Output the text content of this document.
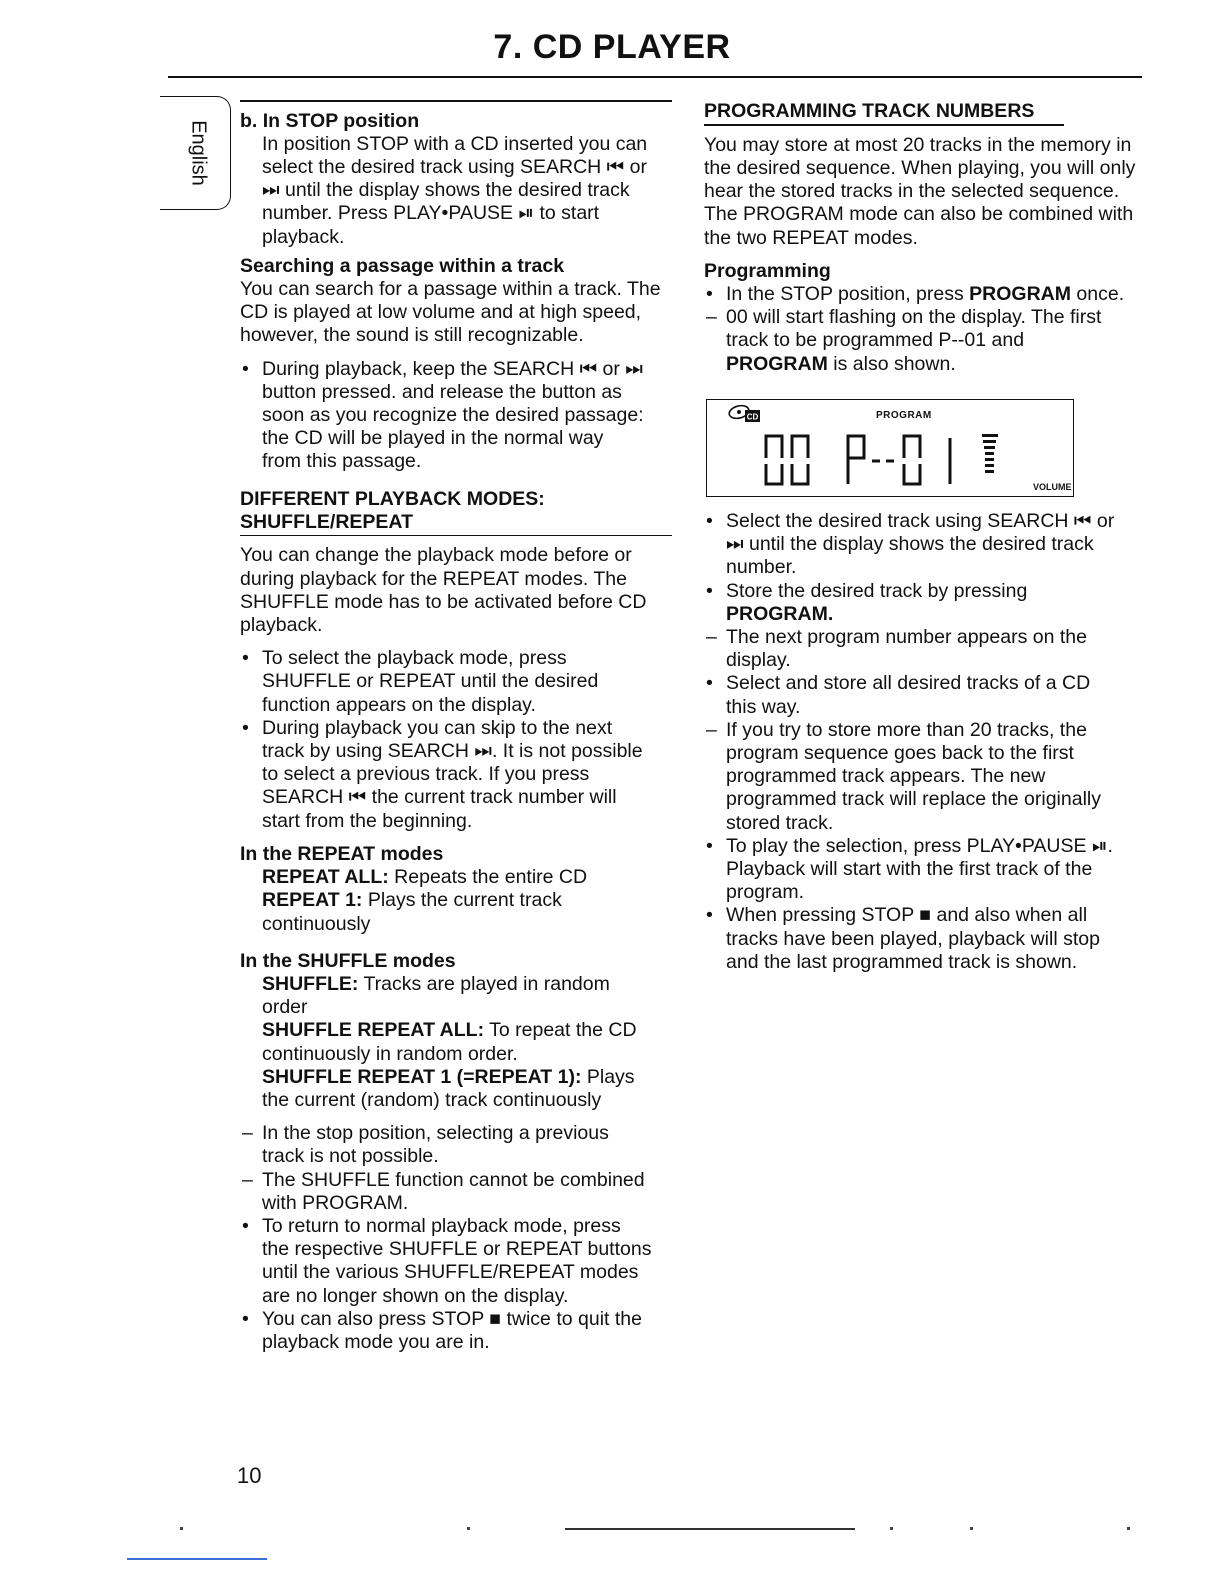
7. CD PLAYER
English b. In STOP position

In position STOP with a CD inserted you can

select the desired track using SEARCH ⏮ or

⏭ until the display shows the desired track

number. Press PLAY•PAUSE ⏯ to start

playback.

Searching a passage within a track

You can search for a passage within a track. The

CD is played at low volume and at high speed,

however, the sound is still recognizable.

• During playback, keep the SEARCH ⏮ or ⏭

button pressed. and release the button as

soon as you recognize the desired passage:

the CD will be played in the normal way

from this passage.

DIFFERENT PLAYBACK MODES:

SHUFFLE/REPEAT

You can change the playback mode before or

during playback for the REPEAT modes. The

SHUFFLE mode has to be activated before CD

playback.

• To select the playback mode, press

SHUFFLE or REPEAT until the desired

function appears on the display.

• During playback you can skip to the next

track by using SEARCH ⏭. It is not possible

to select a previous track. If you press

SEARCH ⏮ the current track number will

start from the beginning.

In the REPEAT modes

REPEAT ALL: Repeats the entire CD

REPEAT 1: Plays the current track

continuously

In the SHUFFLE modes

SHUFFLE: Tracks are played in random

order

SHUFFLE REPEAT ALL: To repeat the CD

continuously in random order.

SHUFFLE REPEAT 1 (=REPEAT 1): Plays

the current (random) track continuously

– In the stop position, selecting a previous

track is not possible.

– The SHUFFLE function cannot be combined

with PROGRAM.

• To return to normal playback mode, press

the respective SHUFFLE or REPEAT buttons

until the various SHUFFLE/REPEAT modes

are no longer shown on the display.

• You can also press STOP ■ twice to quit the

playback mode you are in.

PROGRAMMING TRACK NUMBERS

You may store at most 20 tracks in the memory in

the desired sequence. When playing, you will only

hear the stored tracks in the selected sequence.

The PROGRAM mode can also be combined with

the two REPEAT modes.

Programming

• In the STOP position, press PROGRAM once.

– 00 will start flashing on the display. The first

track to be programmed P--01 and

PROGRAM is also shown.

CD	PROGRAM
VOLUME
• Select the desired track using SEARCH ⏮ or

⏭ until the display shows the desired track

number.

• Store the desired track by pressing

PROGRAM.

– The next program number appears on the

display.

• Select and store all desired tracks of a CD

this way.

– If you try to store more than 20 tracks, the

program sequence goes back to the first

programmed track appears. The new

programmed track will replace the originally

stored track.

• To play the selection, press PLAY•PAUSE ⏯.

Playback will start with the first track of the

program.

• When pressing STOP ■ and also when all

tracks have been played, playback will stop

and the last programmed track is shown.

10
